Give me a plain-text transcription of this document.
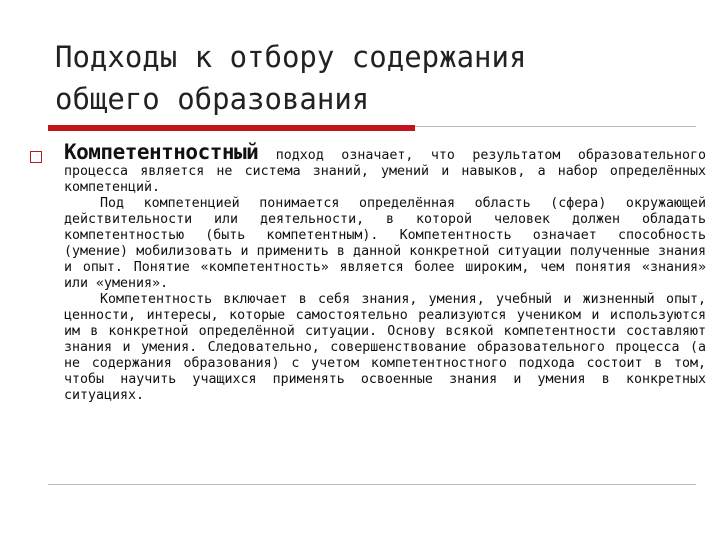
Подходы к отбору содержания
общего образования

Компетентностный подход означает, что результатом образовательного процесса является не система знаний, умений и навыков, а набор определённых компетенций.

Под компетенцией понимается определённая область (сфера) окружающей действительности или деятельности, в которой человек должен обладать компетентностью (быть компетентным). Компетентность означает способность (умение) мобилизовать и применить в данной конкретной ситуации полученные знания и опыт. Понятие «компетентность» является более широким, чем понятия «знания» или «умения».

Компетентность включает в себя знания, умения, учебный и жизненный опыт, ценности, интересы, которые самостоятельно реализуются учеником и используются им в конкретной определённой ситуации. Основу всякой компетентности составляют знания и умения. Следовательно, совершенствование образовательного процесса (а не содержания образования) с учетом компетентностного подхода состоит в том, чтобы научить учащихся применять освоенные знания и умения в конкретных ситуациях.
